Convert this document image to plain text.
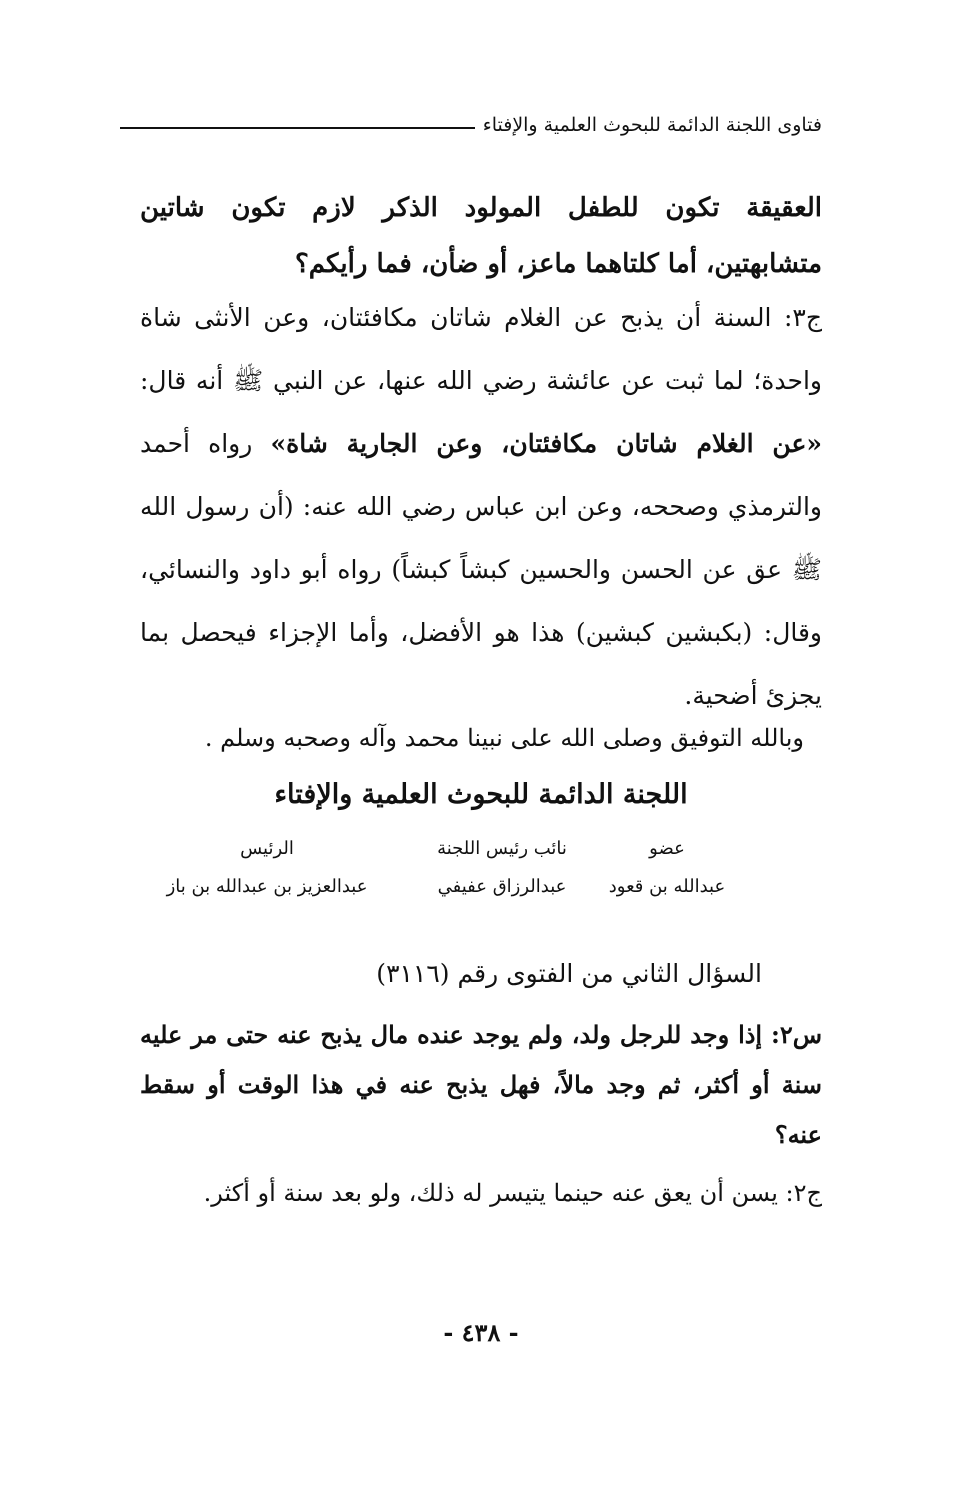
فتاوى اللجنة الدائمة للبحوث العلمية والإفتاء
العقيقة تكون للطفل المولود الذكر لازم تكون شاتين متشابهتين، أما كلتاهما ماعز، أو ضأن، فما رأيكم؟
ج٣: السنة أن يذبح عن الغلام شاتان مكافئتان، وعن الأنثى شاة واحدة؛ لما ثبت عن عائشة رضي الله عنها، عن النبي ﷺ أنه قال: «عن الغلام شاتان مكافئتان، وعن الجارية شاة» رواه أحمد والترمذي وصححه، وعن ابن عباس رضي الله عنه: (أن رسول الله ﷺ عق عن الحسن والحسين كبشاً كبشاً) رواه أبو داود والنسائي، وقال: (بكبشين كبشين) هذا هو الأفضل، وأما الإجزاء فيحصل بما يجزئ أضحية.
وبالله التوفيق وصلى الله على نبينا محمد وآله وصحبه وسلم .
اللجنة الدائمة للبحوث العلمية والإفتاء
عضو
نائب رئيس اللجنة
الرئيس
عبدالله بن قعود
عبدالرزاق عفيفي
عبدالعزيز بن عبدالله بن باز
السؤال الثاني من الفتوى رقم (٣١١٦)
س٢: إذا وجد للرجل ولد، ولم يوجد عنده مال يذبح عنه حتى مر عليه سنة أو أكثر، ثم وجد مالاً، فهل يذبح عنه في هذا الوقت أو سقط عنه؟
ج٢: يسن أن يعق عنه حينما يتيسر له ذلك، ولو بعد سنة أو أكثر.
- ٤٣٨ -
